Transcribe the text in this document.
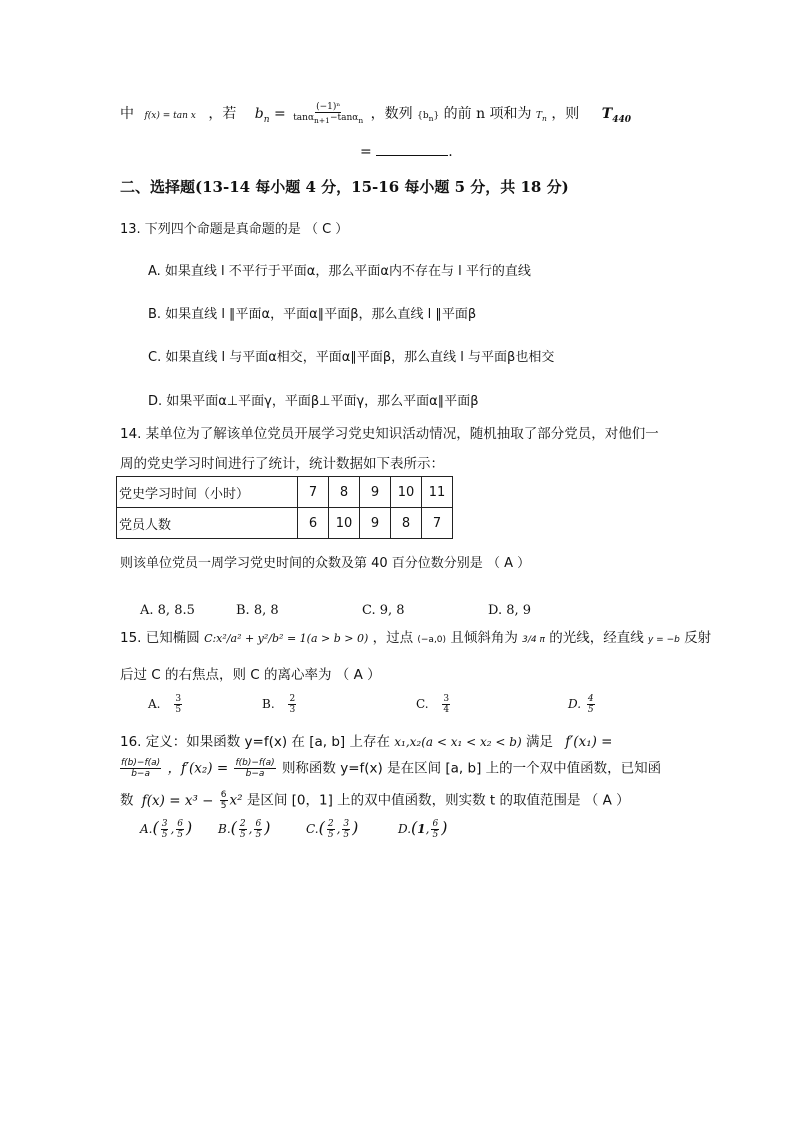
中 f(x) = tan x ，若 $b_n = \frac{\text{(−1)ⁿ}}{\tan\alpha_{n+1}-\tan\alpha_n}$ ，数列 $\{b_n\}$ 的前 n 项和为 $T_n$ ，则 $T_{440}$
=	.
二、选择题(13-14 每小题 4 分，15-16 每小题 5 分，共 18 分)
13. 下列四个命题是真命题的是 （ C ）
A. 如果直线 l 不平行于平面α，那么平面α内不存在与 l 平行的直线
B. 如果直线 l ∥平面α，平面α∥平面β，那么直线 l ∥平面β
C. 如果直线 l 与平面α相交，平面α∥平面β，那么直线 l 与平面β也相交
D. 如果平面α⊥平面γ，平面β⊥平面γ，那么平面α∥平面β
14. 某单位为了解该单位党员开展学习党史知识活动情况，随机抽取了部分党员，对他们一
周的党史学习时间进行了统计，统计数据如下表所示：
党史学习时间（小时）	7	8	9	10	11
党员人数	6	10	9	8	7
则该单位党员一周学习党史时间的众数及第 40 百分位数分别是 （ A ）
A. 8, 8.5	B. 8, 8	C. 9, 8	D. 8, 9
15. 已知椭圆 C:x²/a² + y²/b² = 1(a > b > 0) ，过点 (−a,0) 且倾斜角为 3/4 π 的光线，经直线 y = −b 反射
后过 C 的右焦点，则 C 的离心率为 （ A ）
A. $\frac{3}{5}$	B. $\frac{2}{3}$	C. $\frac{3}{4}$	D. $\frac{4}{5}$
16. 定义：如果函数 y=f(x) 在 [a, b] 上存在 x₁,x₂(a < x₁ < x₂ < b) 满足 f′(x₁) =
$\frac{f(b)-f(a)}{b-a}$ ，$f'(x_2) = \frac{f(b)-f(a)}{b-a}$ 则称函数 y=f(x) 是在区间 [a, b] 上的一个双中值函数，已知函
数 $f(x) = x^3 - \frac{6}{5} x^2$ 是区间 [0，1] 上的双中值函数，则实数 t 的取值范围是 （ A ）
$A.( \frac{3}{5}$ , $\frac{6}{5}$ ) $B.( \frac{2}{5}$ , $\frac{6}{5}$ )	$C.( \frac{2}{5}$ , $\frac{3}{5}$ )	D.(1, $\frac{6}{5}$ )
